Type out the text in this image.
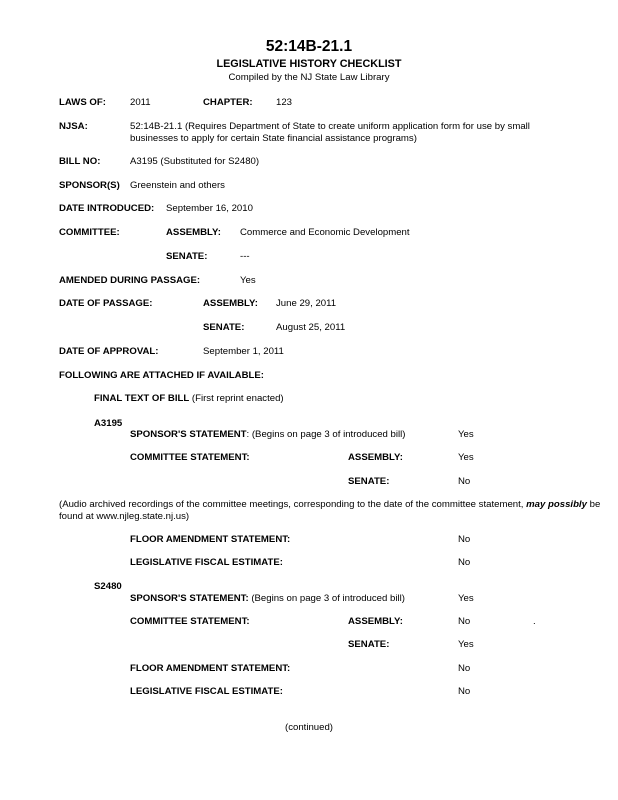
52:14B-21.1
LEGISLATIVE HISTORY CHECKLIST
Compiled by the NJ State Law Library
LAWS OF:	2011	CHAPTER: 123
NJSA:	52:14B-21.1 (Requires Department of State to create uniform application form for use by small businesses to apply for certain State financial assistance programs)
BILL NO:	A3195 (Substituted for S2480)
SPONSOR(S) Greenstein and others
DATE INTRODUCED: September 16, 2010
COMMITTEE:	ASSEMBLY: Commerce and Economic Development
SENATE:	---
AMENDED DURING PASSAGE:	Yes
DATE OF PASSAGE:	ASSEMBLY: June 29, 2011
SENATE:	August 25, 2011
DATE OF APPROVAL:	September 1, 2011
FOLLOWING ARE ATTACHED IF AVAILABLE:
FINAL TEXT OF BILL (First reprint enacted)
A3195
SPONSOR'S STATEMENT: (Begins on page 3 of introduced bill)	Yes
COMMITTEE STATEMENT:	ASSEMBLY:	Yes
SENATE:	No
(Audio archived recordings of the committee meetings, corresponding to the date of the committee statement, may possibly be found at www.njleg.state.nj.us)
FLOOR AMENDMENT STATEMENT:	No
LEGISLATIVE FISCAL ESTIMATE:	No
S2480
SPONSOR'S STATEMENT: (Begins on page 3 of introduced bill)	Yes
COMMITTEE STATEMENT:	ASSEMBLY:	No	.
SENATE:	Yes
FLOOR AMENDMENT STATEMENT:	No
LEGISLATIVE FISCAL ESTIMATE:	No
(continued)
